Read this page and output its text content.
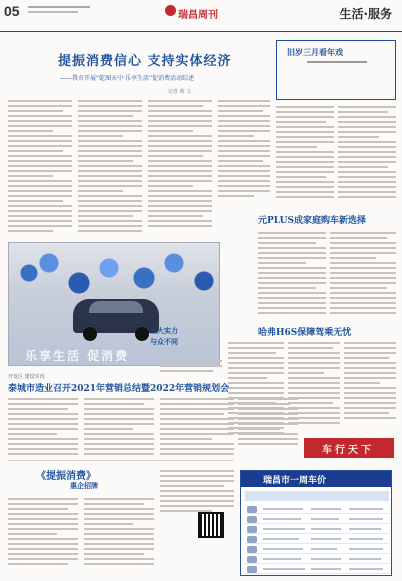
05	瑞昌周刊	生活·服务
提振消费信心 支持实体经济
——我市开展“乾图天中·乐享生活”促消费活动综述
记者 蔡 文
旧岁三月看年戏
元PLUS成家庭购车新选择
哈弗H6S保障驾乘无忧
乐享生活 促消费
三大实力
与众不同
开发区 建设实况
泰城市造业召开2021年营销总结暨2022年营销规划会
车行天下
《提振消费》
惠企招牌	瑞昌市一周车价
